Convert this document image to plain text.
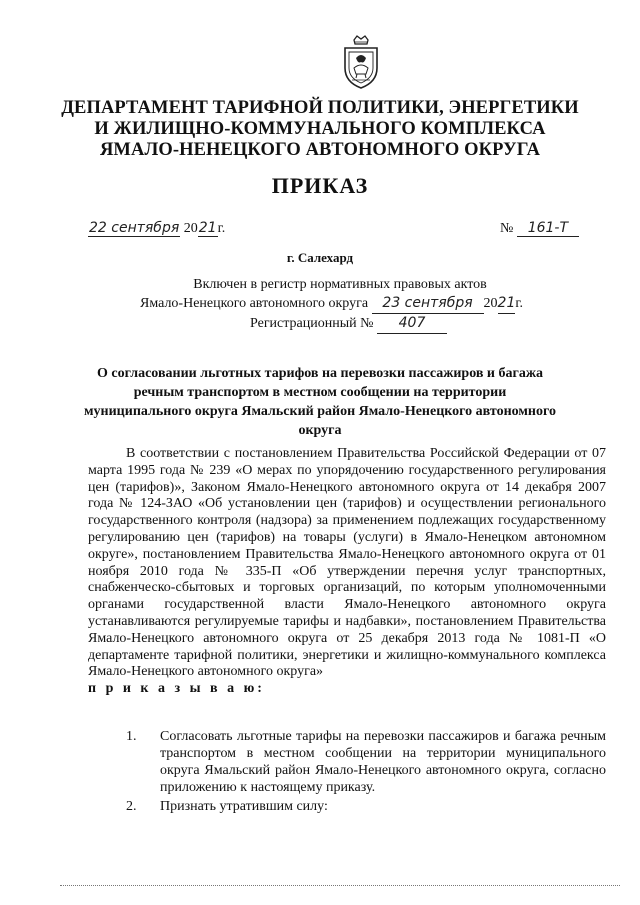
ДЕПАРТАМЕНТ ТАРИФНОЙ ПОЛИТИКИ, ЭНЕРГЕТИКИ
И ЖИЛИЩНО-КОММУНАЛЬНОГО КОМПЛЕКСА
ЯМАЛО-НЕНЕЦКОГО АВТОНОМНОГО ОКРУГА
ПРИКАЗ
22 сентября 2021г.	№ 161-Т
г. Салехард
Включен в регистр нормативных правовых актов
Ямало-Ненецкого автономного округа 23 сентября 2021г.
Регистрационный № 407
О согласовании льготных тарифов на перевозки пассажиров и багажа речным транспортом в местном сообщении на территории муниципального округа Ямальский район Ямало-Ненецкого автономного округа

В соответствии с постановлением Правительства Российской Федерации от 07 марта 1995 года № 239 «О мерах по упорядочению государственного регулирования цен (тарифов)», Законом Ямало-Ненецкого автономного округа от 14 декабря 2007 года № 124-ЗАО «Об установлении цен (тарифов) и осуществлении регионального государственного контроля (надзора) за применением подлежащих государственному регулированию цен (тарифов) на товары (услуги) в Ямало-Ненецком автономном округе», постановлением Правительства Ямало-Ненецкого автономного округа от 01 ноября 2010 года № 335-П «Об утверждении перечня услуг транспортных, снабженческо-сбытовых и торговых организаций, по которым уполномоченными органами государственной власти Ямало-Ненецкого автономного округа устанавливаются регулируемые тарифы и надбавки», постановлением Правительства Ямало-Ненецкого автономного округа от 25 декабря 2013 года № 1081-П «О департаменте тарифной политики, энергетики и жилищно-коммунального комплекса Ямало-Ненецкого автономного округа»

п р и к а з ы в а ю:
1.	Согласовать льготные тарифы на перевозки пассажиров и багажа речным транспортом в местном сообщении на территории муниципального округа Ямальский район Ямало-Ненецкого автономного округа, согласно приложению к настоящему приказу.
2.	Признать утратившим силу:
